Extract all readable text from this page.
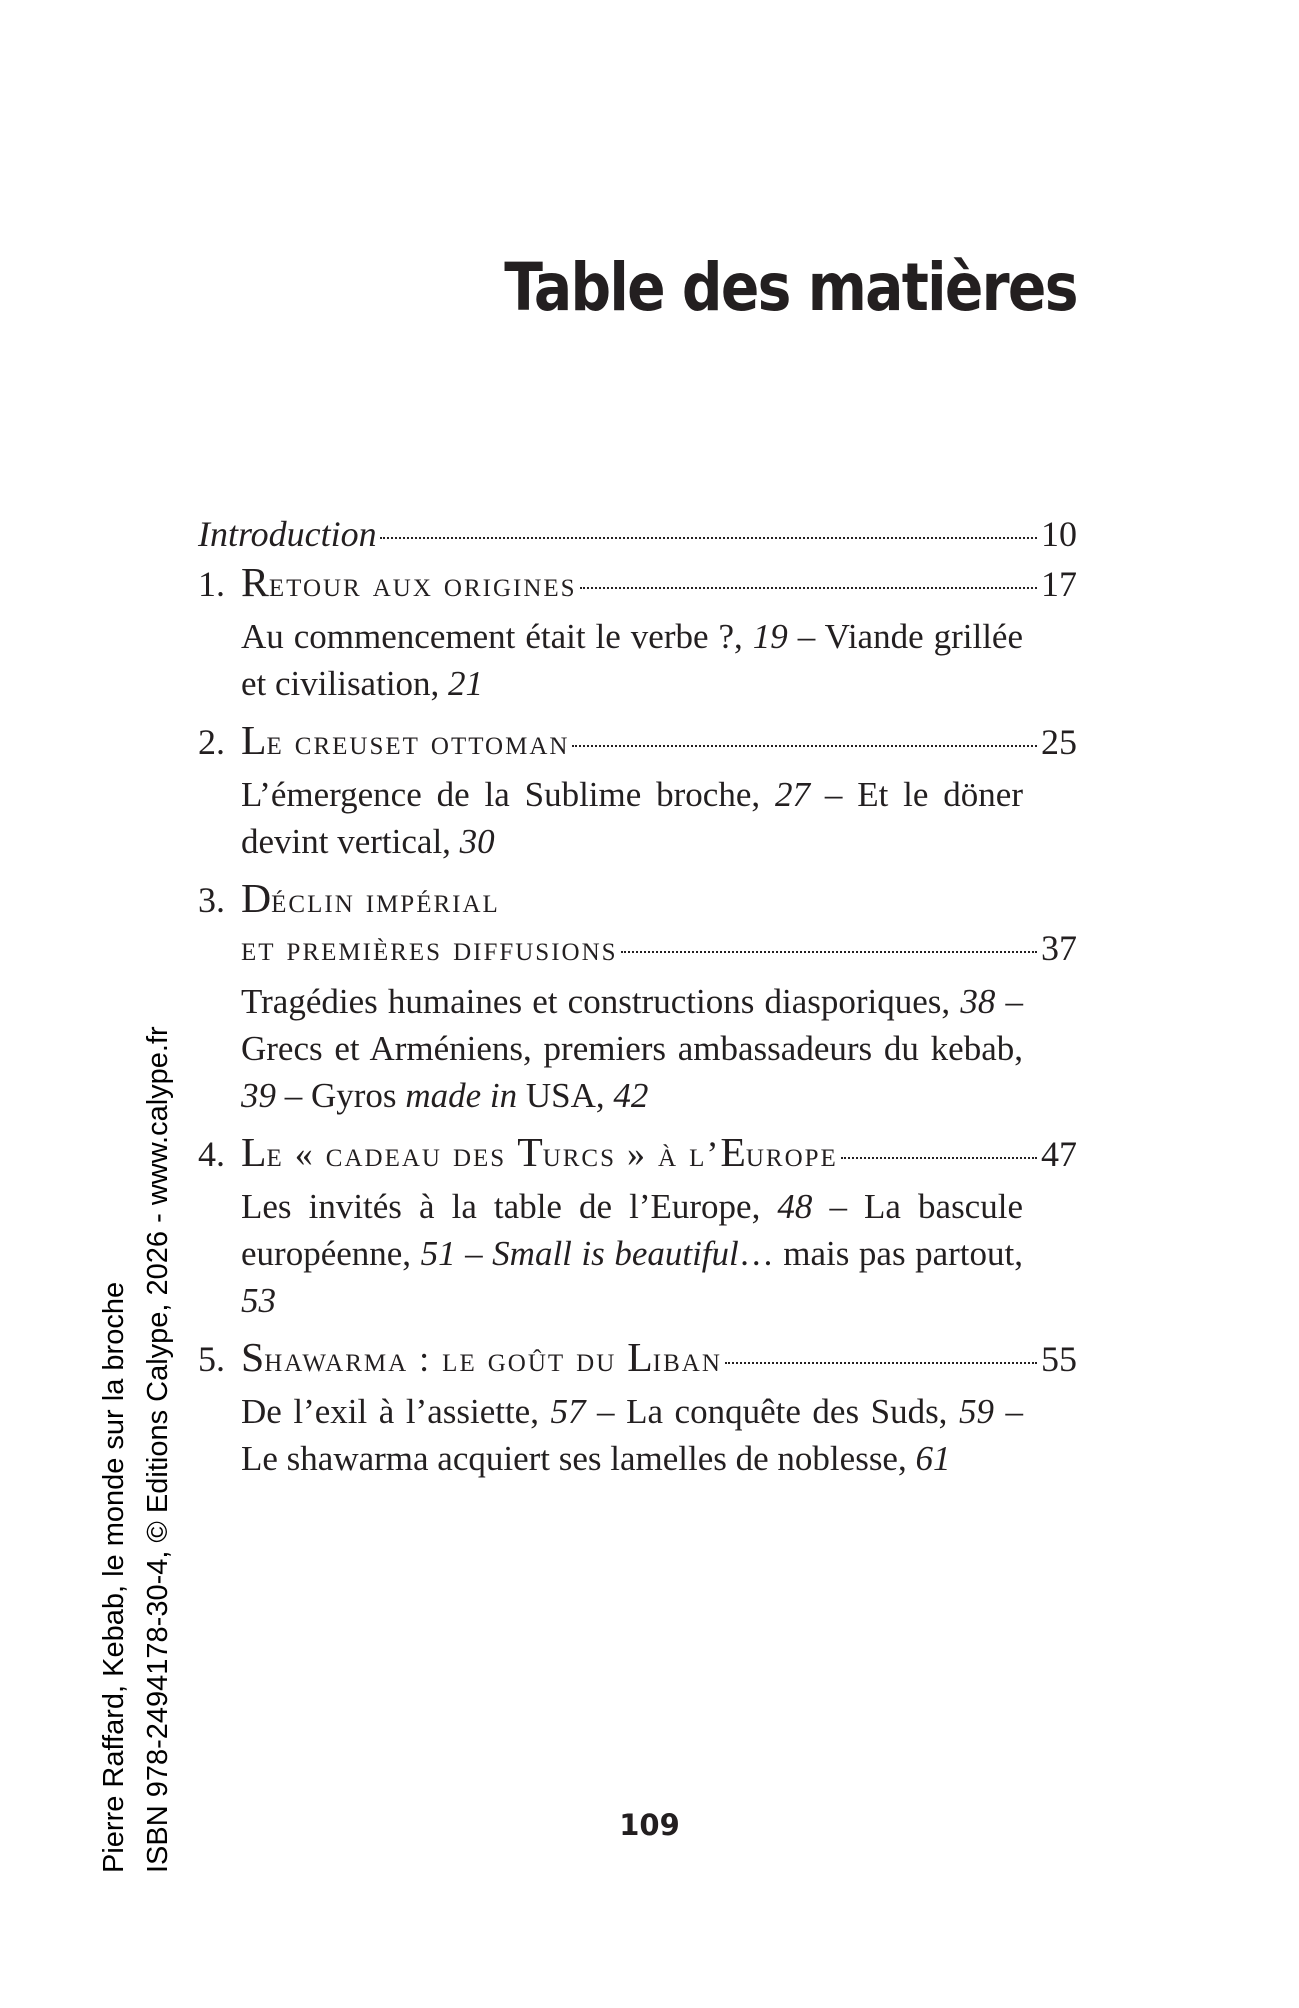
Table des matières
Introduction	10
1. Retour aux origines	17
Au commencement était le verbe ?, 19 – Viande grillée et civilisation, 21
2. Le creuset ottoman	25
L’émergence de la Sublime broche, 27 – Et le döner devint vertical, 30
3. Déclin impérial
et premières diffusions	37
Tragédies humaines et constructions diasporiques, 38 – Grecs et Arméniens, premiers ambassadeurs du kebab, 39 – Gyros made in USA, 42
4. Le « cadeau des Turcs » à l’Europe	47
Les invités à la table de l’Europe, 48 – La bascule européenne, 51 – Small is beautiful… mais pas partout, 53
5. Shawarma : le goût du Liban	55
De l’exil à l’assiette, 57 – La conquête des Suds, 59 – Le shawarma acquiert ses lamelles de noblesse, 61
Pierre Raffard, Kebab, le monde sur la broche ISBN 978-2494178-30-4, © Editions Calype, 2026 - www.calype.fr	109
